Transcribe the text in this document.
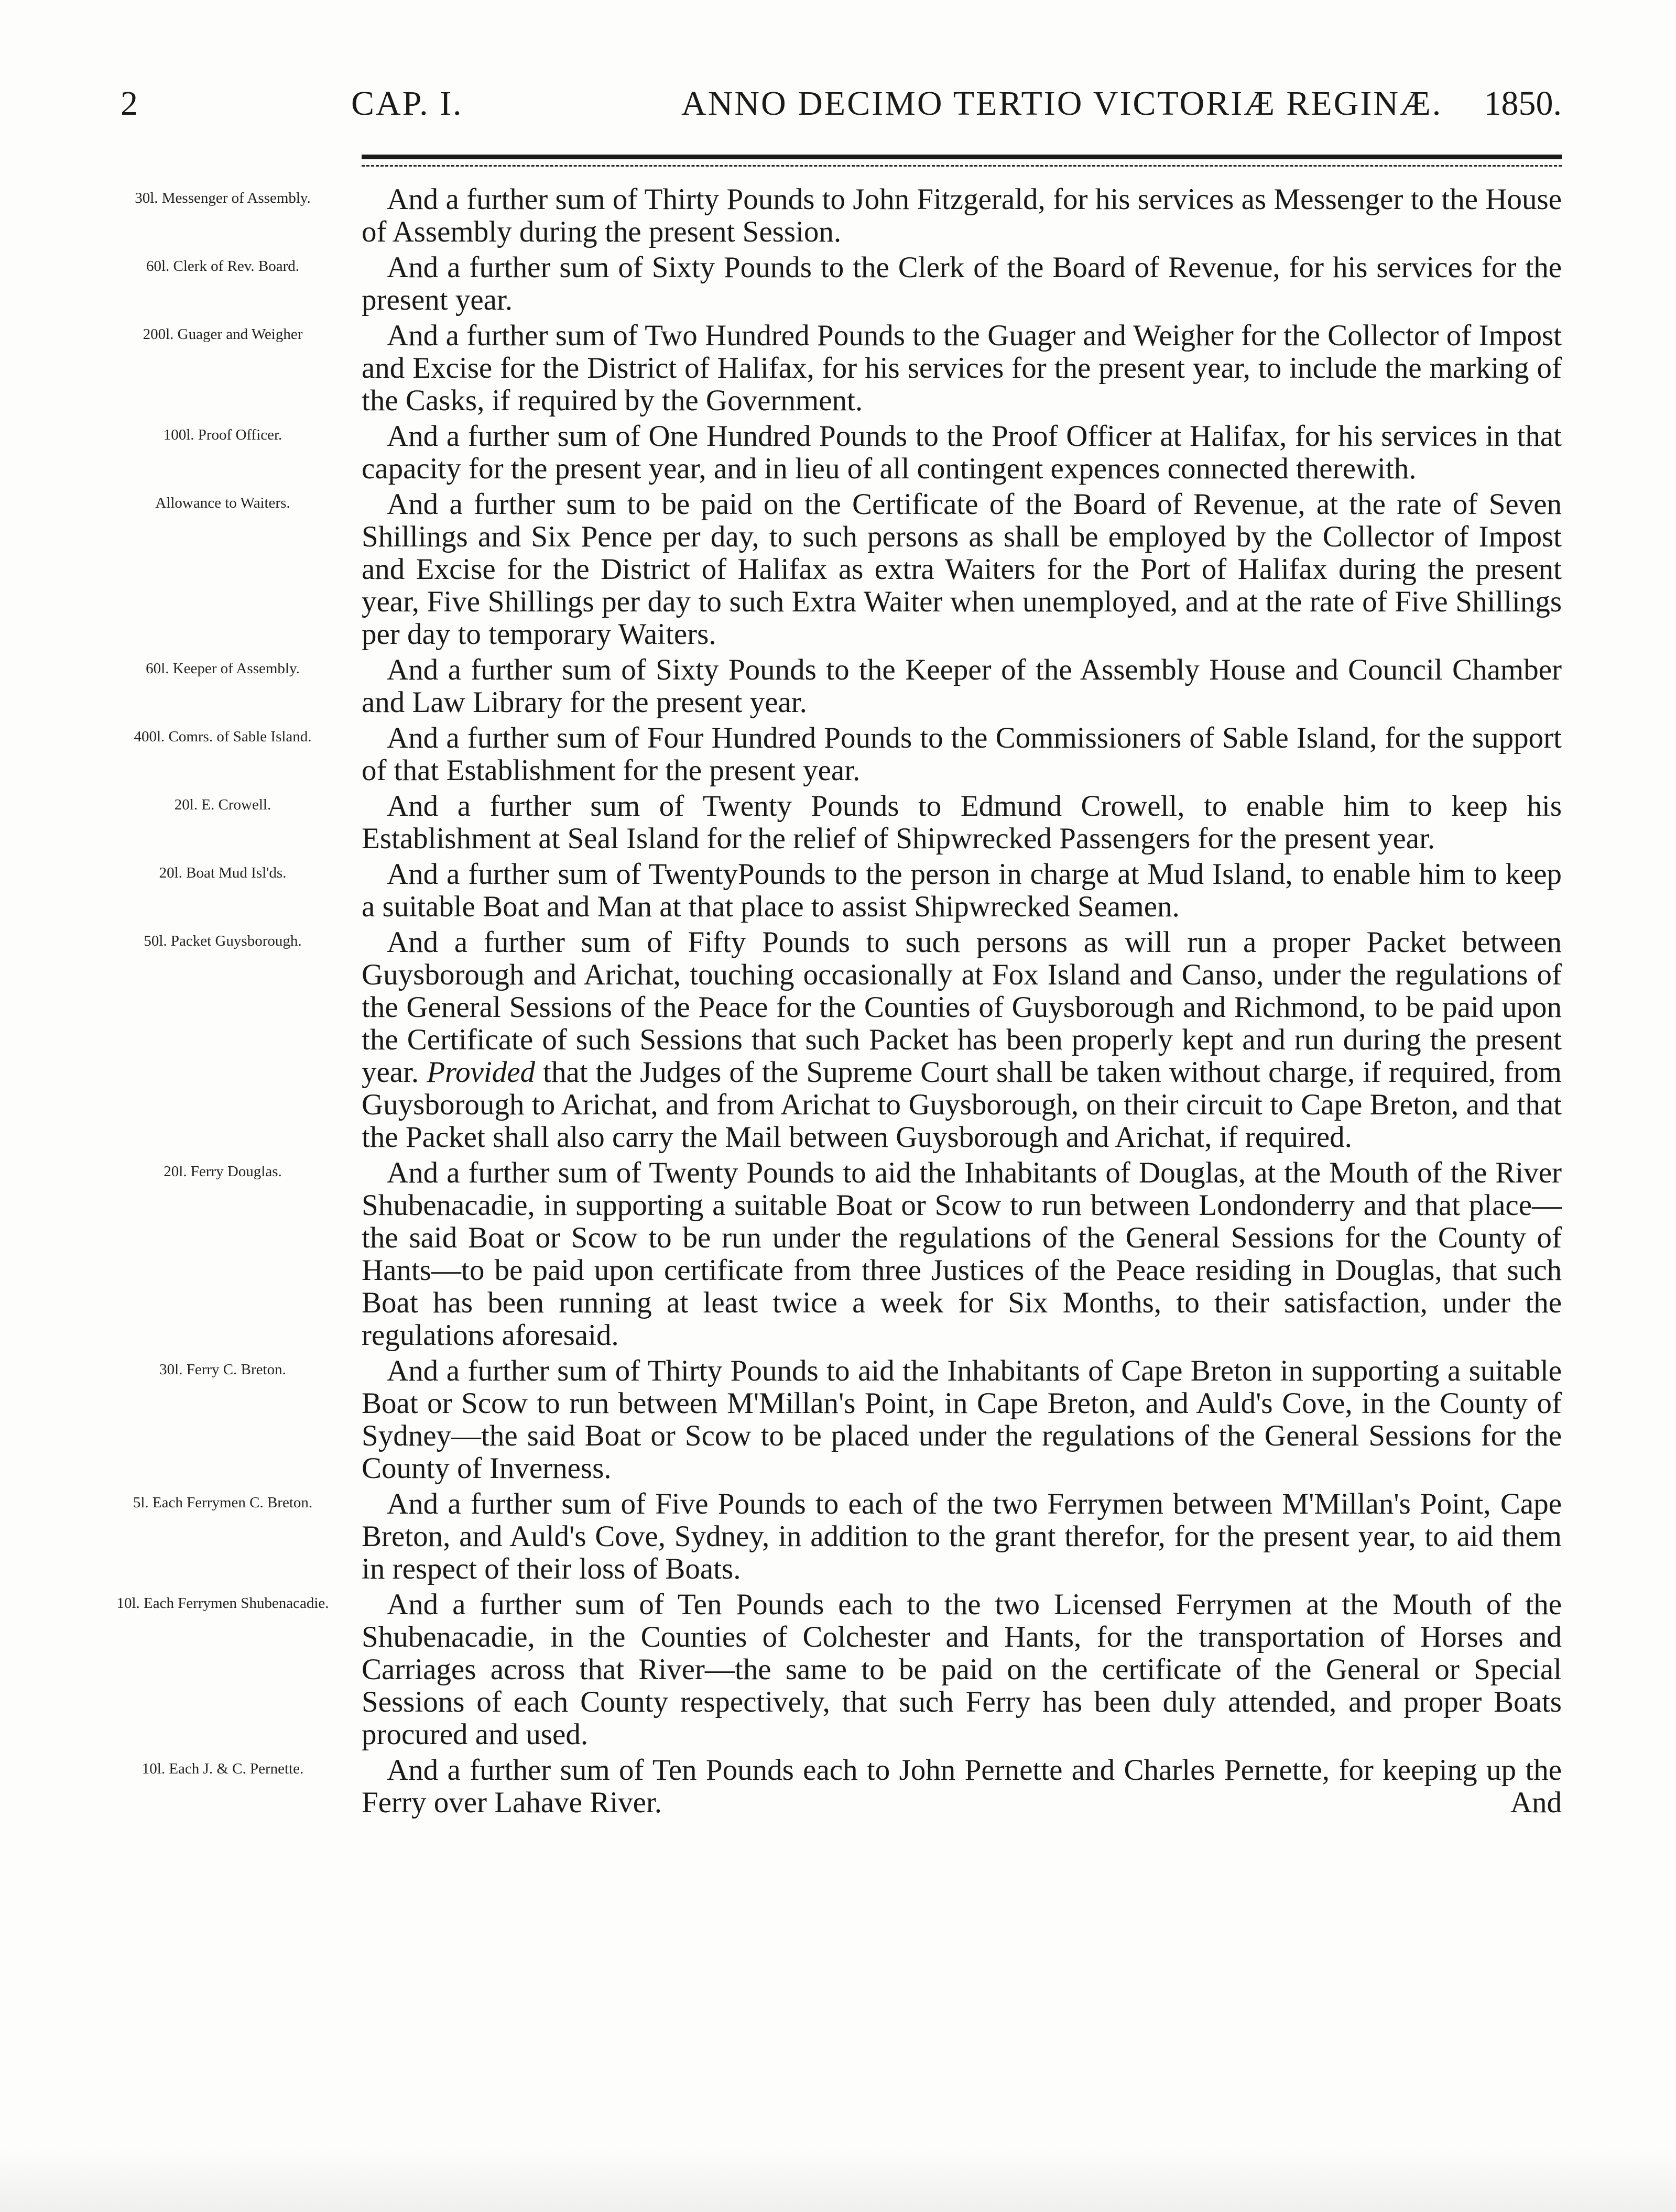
2	CAP. I.	ANNO DECIMO TERTIO VICTORIÆ REGINÆ. 1850.
30l. Messenger of Assembly.	And a further sum of Thirty Pounds to John Fitzgerald, for his services as Messenger to the House of Assembly during the present Session.

60l. Clerk of Rev. Board.	And a further sum of Sixty Pounds to the Clerk of the Board of Revenue, for his services for the present year.

200l. Guager and Weigher	And a further sum of Two Hundred Pounds to the Guager and Weigher for the Collector of Impost and Excise for the District of Halifax, for his services for the present year, to include the marking of the Casks, if required by the Government.

100l. Proof Officer.	And a further sum of One Hundred Pounds to the Proof Officer at Halifax, for his services in that capacity for the present year, and in lieu of all contingent expences connected therewith.

Allowance to Waiters.	And a further sum to be paid on the Certificate of the Board of Revenue, at the rate of Seven Shillings and Six Pence per day, to such persons as shall be employed by the Collector of Impost and Excise for the District of Halifax as extra Waiters for the Port of Halifax during the present year, Five Shillings per day to such Extra Waiter when unemployed, and at the rate of Five Shillings per day to temporary Waiters.

60l. Keeper of Assembly.	And a further sum of Sixty Pounds to the Keeper of the Assembly House and Council Chamber and Law Library for the present year.

400l. Comrs. of Sable Island.	And a further sum of Four Hundred Pounds to the Commissioners of Sable Island, for the support of that Establishment for the present year.

20l. E. Crowell.	And a further sum of Twenty Pounds to Edmund Crowell, to enable him to keep his Establishment at Seal Island for the relief of Shipwrecked Passengers for the present year.

20l. Boat Mud Isl'ds.	And a further sum of TwentyPounds to the person in charge at Mud Island, to enable him to keep a suitable Boat and Man at that place to assist Shipwrecked Seamen.

50l. Packet Guysborough.	And a further sum of Fifty Pounds to such persons as will run a proper Packet between Guysborough and Arichat, touching occasionally at Fox Island and Canso, under the regulations of the General Sessions of the Peace for the Counties of Guysborough and Richmond, to be paid upon the Certificate of such Sessions that such Packet has been properly kept and run during the present year. Provided that the Judges of the Supreme Court shall be taken without charge, if required, from Guysborough to Arichat, and from Arichat to Guysborough, on their circuit to Cape Breton, and that the Packet shall also carry the Mail between Guysborough and Arichat, if required.

20l. Ferry Douglas.	And a further sum of Twenty Pounds to aid the Inhabitants of Douglas, at the Mouth of the River Shubenacadie, in supporting a suitable Boat or Scow to run between Londonderry and that place—the said Boat or Scow to be run under the regulations of the General Sessions for the County of Hants—to be paid upon certificate from three Justices of the Peace residing in Douglas, that such Boat has been running at least twice a week for Six Months, to their satisfaction, under the regulations aforesaid.

30l. Ferry C. Breton.	And a further sum of Thirty Pounds to aid the Inhabitants of Cape Breton in supporting a suitable Boat or Scow to run between M'Millan's Point, in Cape Breton, and Auld's Cove, in the County of Sydney—the said Boat or Scow to be placed under the regulations of the General Sessions for the County of Inverness.

5l. Each Ferrymen C. Breton.	And a further sum of Five Pounds to each of the two Ferrymen between M'Millan's Point, Cape Breton, and Auld's Cove, Sydney, in addition to the grant therefor, for the present year, to aid them in respect of their loss of Boats.

10l. Each Ferrymen Shubenacadie.	And a further sum of Ten Pounds each to the two Licensed Ferrymen at the Mouth of the Shubenacadie, in the Counties of Colchester and Hants, for the transportation of Horses and Carriages across that River—the same to be paid on the certificate of the General or Special Sessions of each County respectively, that such Ferry has been duly attended, and proper Boats procured and used.

10l. Each J. & C. Pernette.	And a further sum of Ten Pounds each to John Pernette and Charles Pernette, for keeping up the Ferry over Lahave River.	And
